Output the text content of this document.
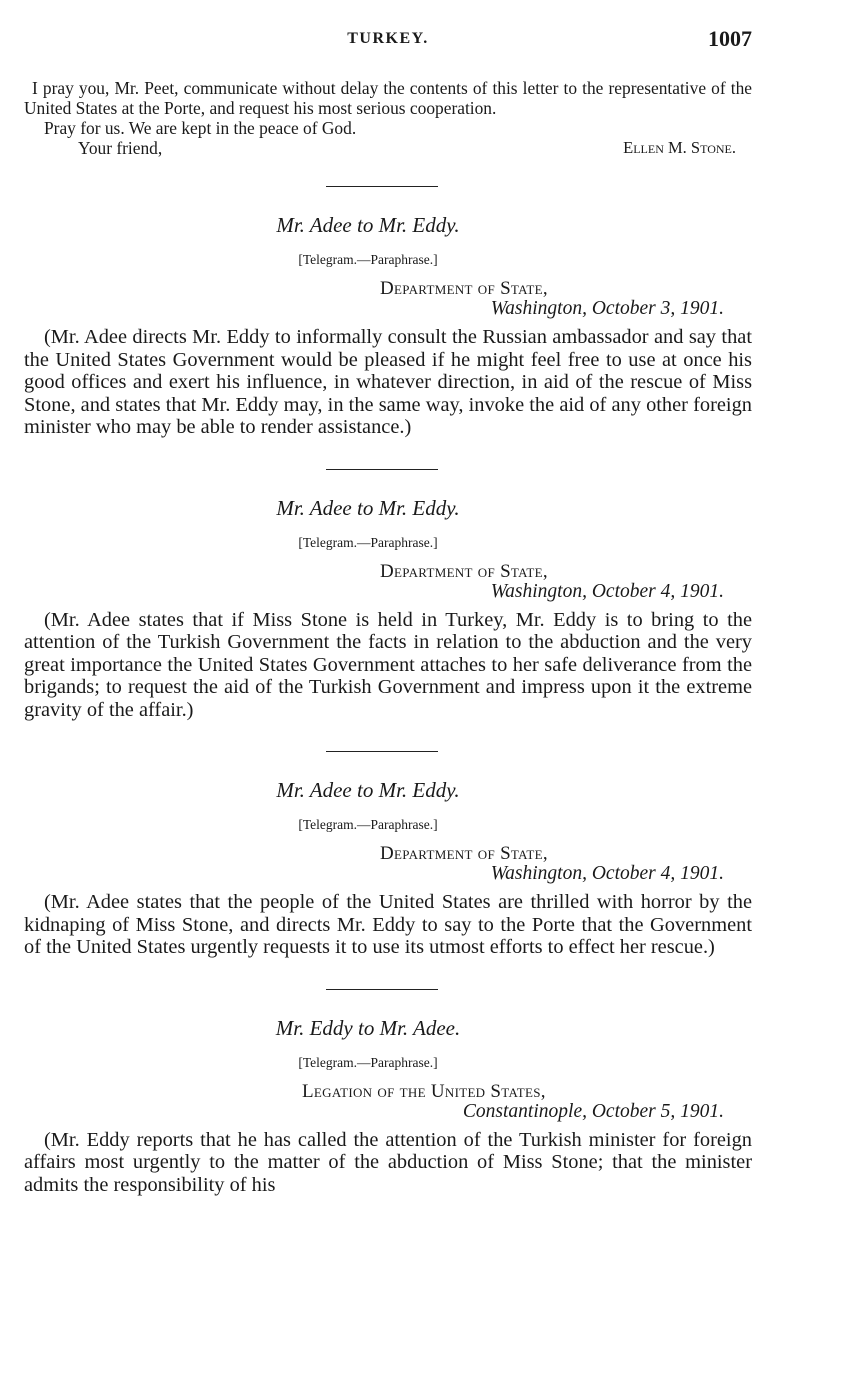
TURKEY.	1007

I pray you, Mr. Peet, communicate without delay the contents of this letter to the representative of the United States at the Porte, and request his most serious cooperation.

Pray for us. We are kept in the peace of God.

Your friend,	Ellen M. Stone.
Mr. Adee to Mr. Eddy.
[Telegram.—Paraphrase.]
Department of State,
Washington, October 3, 1901.

(Mr. Adee directs Mr. Eddy to informally consult the Russian ambassador and say that the United States Government would be pleased if he might feel free to use at once his good offices and exert his influence, in whatever direction, in aid of the rescue of Miss Stone, and states that Mr. Eddy may, in the same way, invoke the aid of any other foreign minister who may be able to render assistance.)

Mr. Adee to Mr. Eddy.
[Telegram.—Paraphrase.]
Department of State,
Washington, October 4, 1901.

(Mr. Adee states that if Miss Stone is held in Turkey, Mr. Eddy is to bring to the attention of the Turkish Government the facts in relation to the abduction and the very great importance the United States Government attaches to her safe deliverance from the brigands; to request the aid of the Turkish Government and impress upon it the extreme gravity of the affair.)

Mr. Adee to Mr. Eddy.
[Telegram.—Paraphrase.]
Department of State,
Washington, October 4, 1901.

(Mr. Adee states that the people of the United States are thrilled with horror by the kidnaping of Miss Stone, and directs Mr. Eddy to say to the Porte that the Government of the United States urgently requests it to use its utmost efforts to effect her rescue.)

Mr. Eddy to Mr. Adee.
[Telegram.—Paraphrase.]
Legation of the United States,
Constantinople, October 5, 1901.

(Mr. Eddy reports that he has called the attention of the Turkish minister for foreign affairs most urgently to the matter of the abduction of Miss Stone; that the minister admits the responsibility of his
